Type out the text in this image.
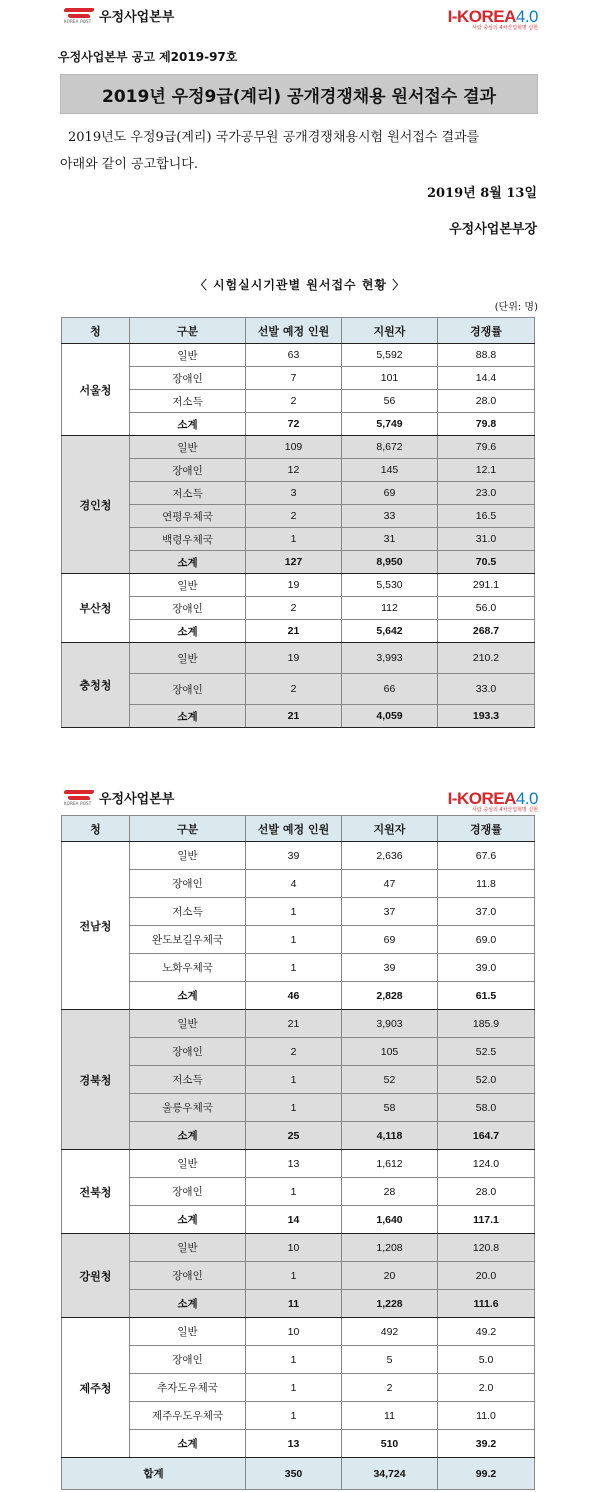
KOREA POST 우정사업본부	I-KOREA4.0
사람 중심의 4차산업혁명 실현
우정사업본부 공고 제2019-97호
2019년 우정9급(계리) 공개경쟁채용 원서접수 결과
2019년도 우정9급(계리) 국가공무원 공개경쟁채용시험 원서접수 결과를
아래와 같이 공고합니다.
2019년 8월 13일
우정사업본부장
〈 시험실시기관별 원서접수 현황 〉
(단위: 명)
청	구분	선발 예정 인원	지원자	경쟁률
서울청	일반	63	5,592	88.8
	장애인	7	101	14.4
	저소득	2	56	28.0
	소계	72	5,749	79.8
경인청	일반	109	8,672	79.6
	장애인	12	145	12.1
	저소득	3	69	23.0
	연평우체국	2	33	16.5
	백령우체국	1	31	31.0
	소계	127	8,950	70.5
부산청	일반	19	5,530	291.1
	장애인	2	112	56.0
	소계	21	5,642	268.7
충청청	일반	19	3,993	210.2
	장애인	2	66	33.0
	소계	21	4,059	193.3
KOREA POST 우정사업본부	I-KOREA4.0
사람 중심의 4차산업혁명 실현
청	구분	선발 예정 인원	지원자	경쟁률
전남청	일반	39	2,636	67.6
	장애인	4	47	11.8
	저소득	1	37	37.0
	완도보길우체국	1	69	69.0
	노화우체국	1	39	39.0
	소계	46	2,828	61.5
경북청	일반	21	3,903	185.9
	장애인	2	105	52.5
	저소득	1	52	52.0
	울릉우체국	1	58	58.0
	소계	25	4,118	164.7
전북청	일반	13	1,612	124.0
	장애인	1	28	28.0
	소계	14	1,640	117.1
강원청	일반	10	1,208	120.8
	장애인	1	20	20.0
	소계	11	1,228	111.6
제주청	일반	10	492	49.2
	장애인	1	5	5.0
	추자도우체국	1	2	2.0
	제주우도우체국	1	11	11.0
	소계	13	510	39.2
합계		350	34,724	99.2
